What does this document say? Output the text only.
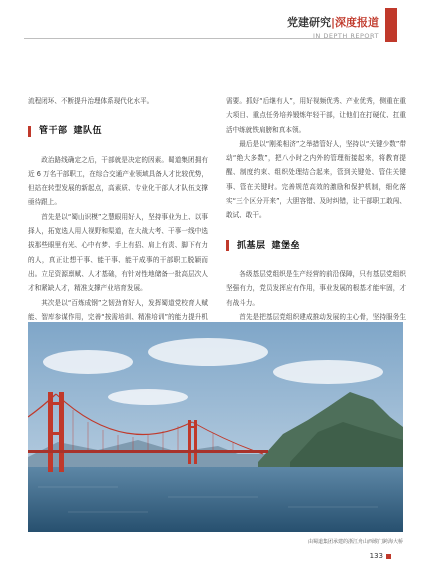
党建研究|深度报道
IN DEPTH REPORT

流程闭环、不断提升治理体系现代化水平。

管干部 建队伍

政治路线确定之后，干部就是决定的因素。蜀道集团拥有近 6 万名干部职工，在综合交通产业领域具备人才比较优势，但站在转型发展的新起点，高素质、专业化干部人才队伍支撑亟待跟上。

首先是以“蜀山识模”之慧眼用好人，坚持事业为上、以事择人，拓宽选人用人视野和渠道，在大战大考、干事一线中选拔那些眼里有光、心中有梦、手上有招、肩上有责、脚下有力的人，真正让想干事、能干事、能干成事的干部职工脱颖而出。立足资源禀赋、人才基础，有针对性地储备一批高层次人才和紧缺人才，精准支撑产业培育发展。

其次是以“百炼成钢”之韧劲育好人，发挥蜀道党校育人赋能、智库参谋作用，完善“按需培训、精准培训”的能力提升机

需要。抓好“后继有人”，用好视频优秀、产业优秀，侧重在重大项目、重点任务培养锻炼年轻干部，让他们在打硬仗、扛重活中练就铁肩膀和真本领。

最后是以“刚柔相济”之举措管好人，坚持以“关键少数”带动“绝大多数”，把八小时之内外的管理衔接起来，将教育提醒、制度约束、组织处理结合起来，管到关键处、管住关键事、管在关键时。完善规范高效的激励和保护机制，细化落实“三个区分开来”，大胆容错、及时纠错，让干部职工敢闯、敢试、敢干。

抓基层 建堡垒

各级基层党组织是生产经营的前沿保障，只有基层党组织坚强有力，党员发挥应有作用，事业发展的根基才能牢固，才有战斗力。

首先是把基层党组织建成推动发展的主心骨，坚持服务生

由蜀道集团承建的浙江舟山西堠门跨海大桥
133
